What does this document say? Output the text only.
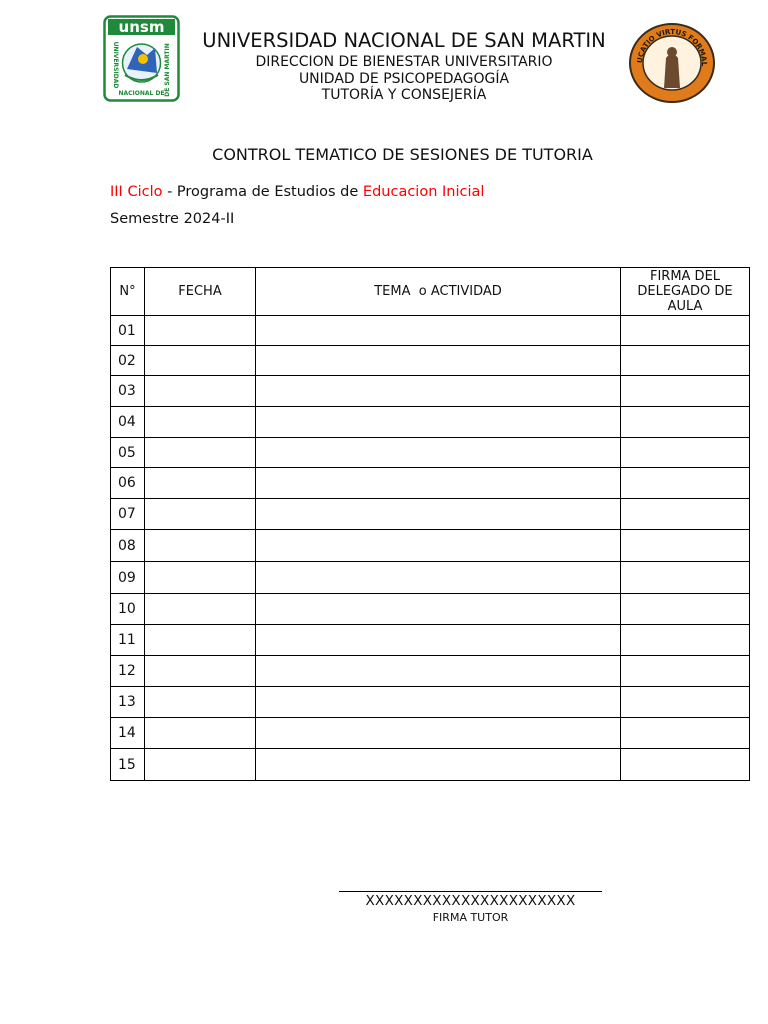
unsm
UNIVERSIDAD	DE SAN MARTIN
NACIONAL DE
UNIVERSIDAD NACIONAL DE SAN MARTIN
DIRECCION DE BIENESTAR UNIVERSITARIO
UNIDAD DE PSICOPEDAGOGÍA
TUTORÍA Y CONSEJERÍA
UCATIO VIRTUS FORMAL
CONTROL TEMATICO DE SESIONES DE TUTORIA
III Ciclo - Programa de Estudios de Educacion Inicial
Semestre 2024-II
N°	FECHA	TEMA  o ACTIVIDAD	FIRMA DEL DELEGADO DE AULA
01			
02			
03			
04			
05			
06			
07			
08			
09			
10			
11			
12			
13			
14			
15			
XXXXXXXXXXXXXXXXXXXXXX
FIRMA TUTOR
